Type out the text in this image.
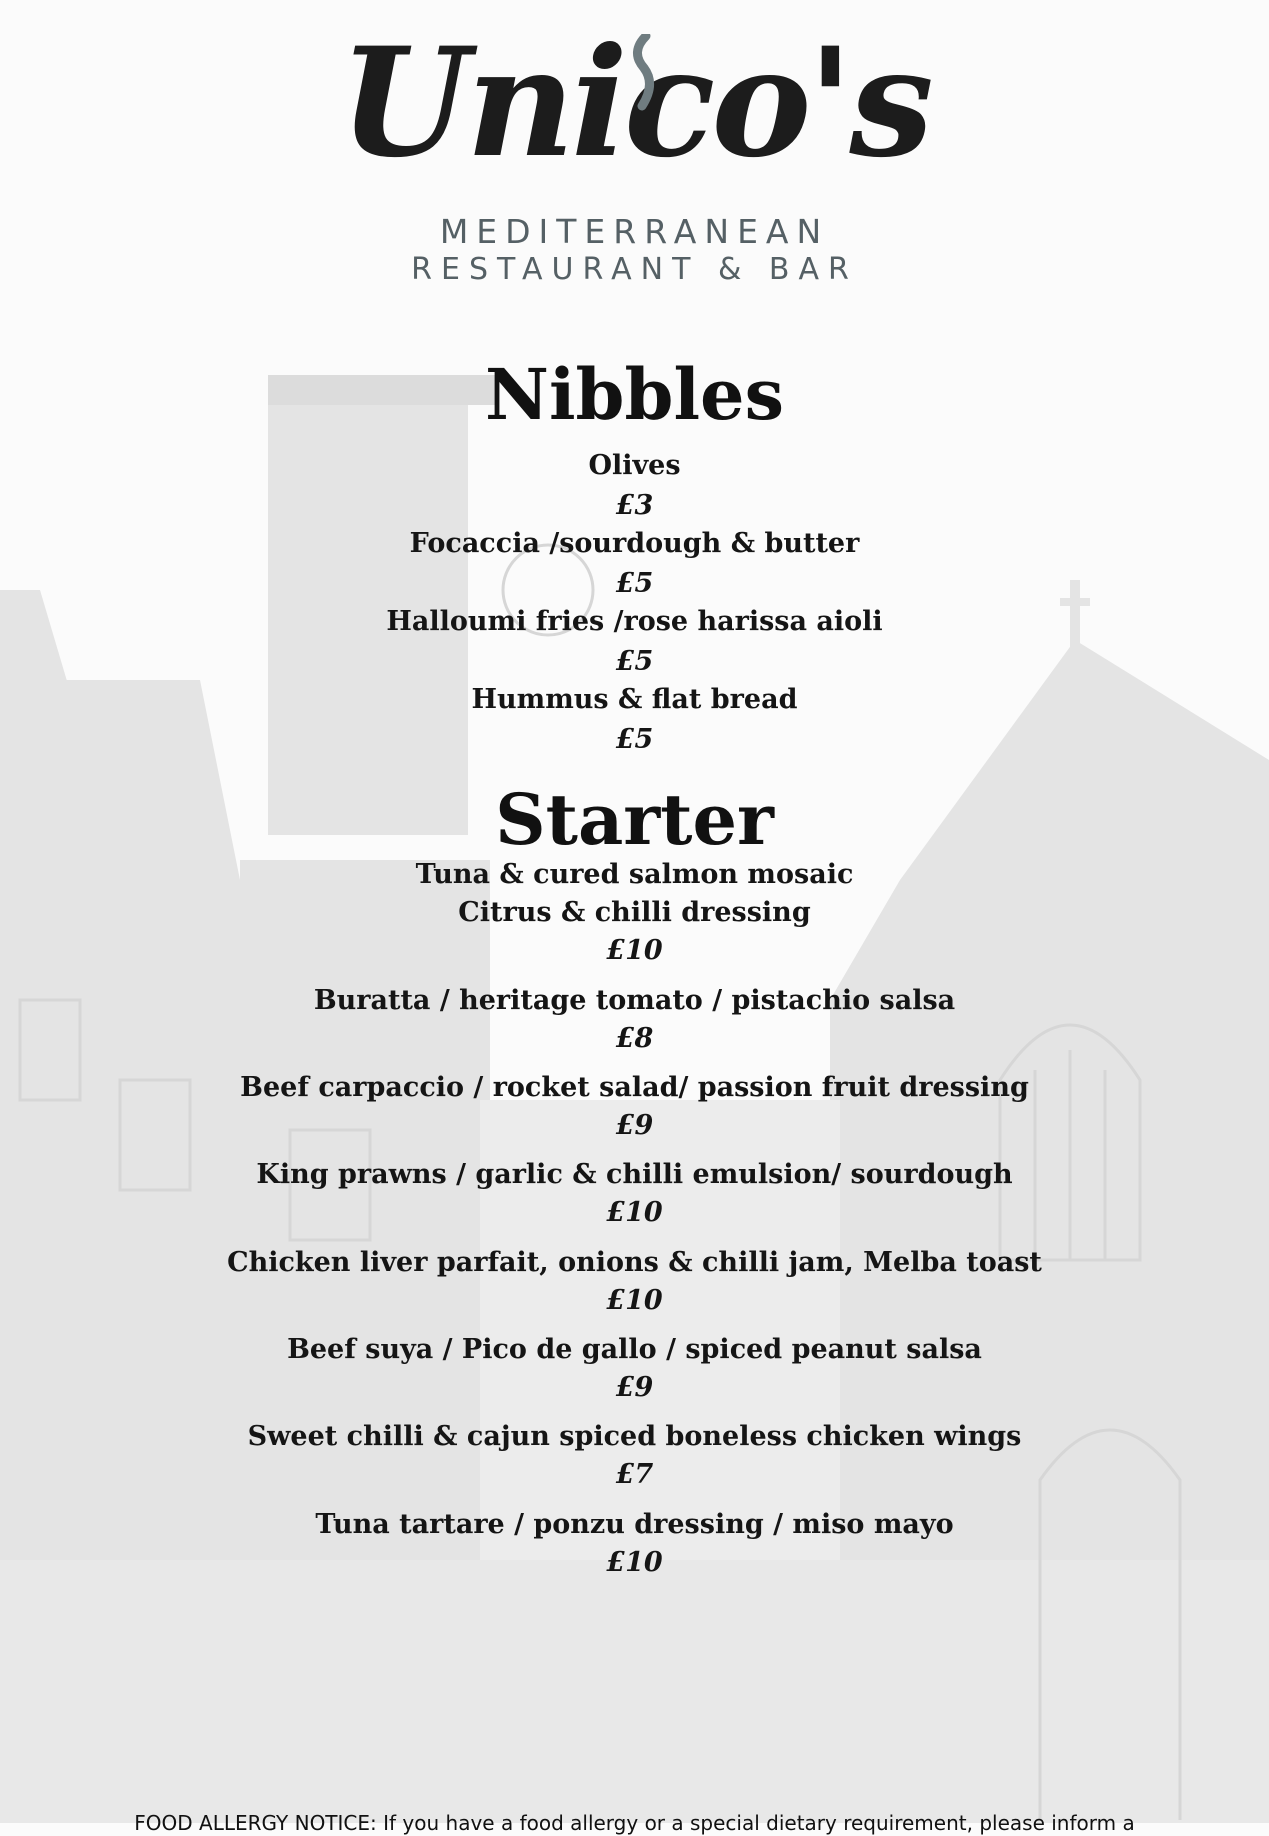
Unico's
MEDITERRANEAN
RESTAURANT & BAR
Nibbles
Olives
£3
Focaccia /sourdough & butter
£5
Halloumi fries /rose harissa aioli
£5
Hummus & flat bread
£5
Starter
Tuna & cured salmon mosaic
Citrus & chilli dressing
£10
Buratta / heritage tomato / pistachio salsa
£8
Beef carpaccio / rocket salad/ passion fruit dressing
£9
King prawns / garlic & chilli emulsion/ sourdough
£10
Chicken liver parfait, onions & chilli jam, Melba toast
£10
Beef suya / Pico de gallo / spiced peanut salsa
£9
Sweet chilli & cajun spiced boneless chicken wings
£7
Tuna tartare / ponzu dressing / miso mayo
£10
FOOD ALLERGY NOTICE: If you have a food allergy or a special dietary requirement, please inform a
